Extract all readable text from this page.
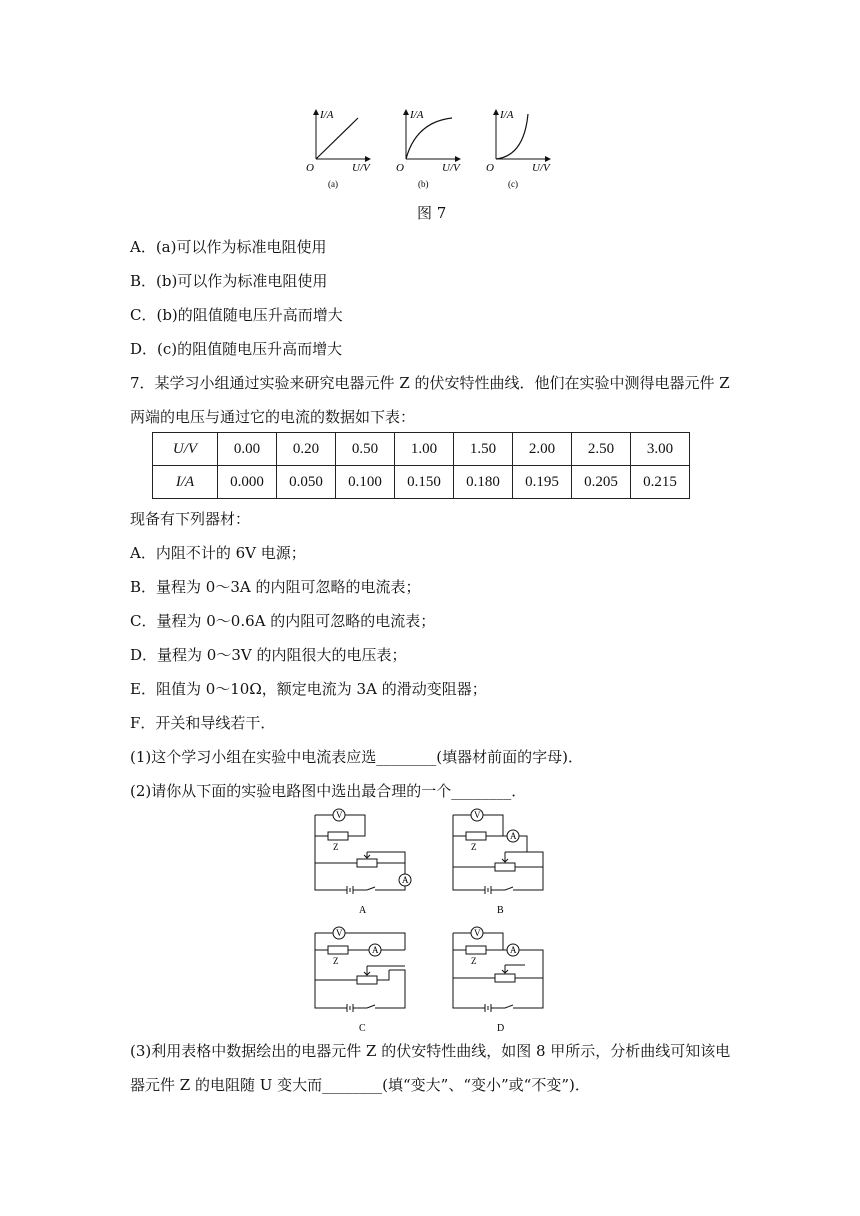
I/A
U/V
O
(a)
I/A
U/V
O
(b)
I/A
U/V
O
(c)
图 7
A．(a)可以作为标准电阻使用
B．(b)可以作为标准电阻使用
C．(b)的阻值随电压升高而增大
D．(c)的阻值随电压升高而增大
7．某学习小组通过实验来研究电器元件 Z 的伏安特性曲线．他们在实验中测得电器元件 Z
两端的电压与通过它的电流的数据如下表：
U/V	0.00	0.20	0.50	1.00	1.50	2.00	2.50	3.00
I/A	0.000	0.050	0.100	0.150	0.180	0.195	0.205	0.215
现备有下列器材：
A．内阻不计的 6V 电源；
B．量程为 0～3A 的内阻可忽略的电流表；
C．量程为 0～0.6A 的内阻可忽略的电流表；
D．量程为 0～3V 的内阻很大的电压表；
E．阻值为 0～10Ω，额定电流为 3A 的滑动变阻器；
F．开关和导线若干．
(1)这个学习小组在实验中电流表应选________(填器材前面的字母)．
(2)请你从下面的实验电路图中选出最合理的一个________．
V
Z
A
A
V
A
Z
B
V
A
Z
C
V
A
Z
D
(3)利用表格中数据绘出的电器元件 Z 的伏安特性曲线，如图 8 甲所示，分析曲线可知该电
器元件 Z 的电阻随 U 变大而________(填“变大”、“变小”或“不变”)．
